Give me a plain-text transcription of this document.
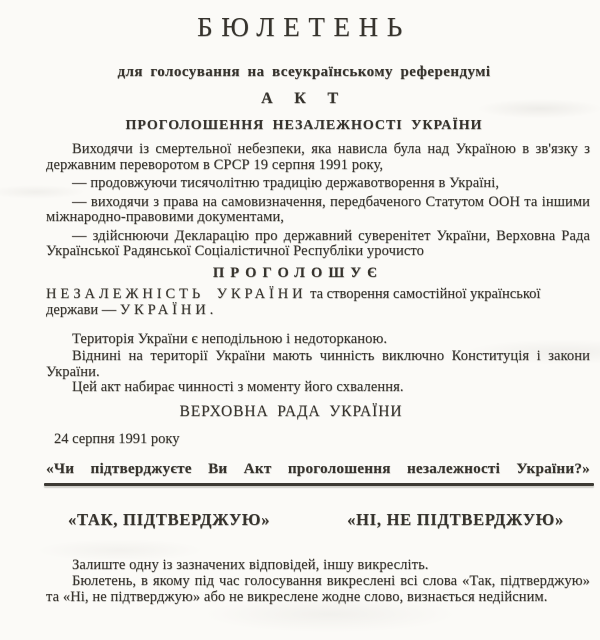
БЮЛЕТЕНЬ
для голосування на всеукраїнському референдумі
А К Т
ПРОГОЛОШЕННЯ НЕЗАЛЕЖНОСТІ УКРАЇНИ

Виходячи із смертельної небезпеки, яка нависла була над Україною в зв'язку з державним переворотом в СРСР 19 серпня 1991 року,

— продовжуючи тисячолітню традицію державотворення в Україні,

— виходячи з права на самовизначення, передбаченого Статутом ООН та іншими міжнародно-правовими документами,

— здійснюючи Декларацію про державний суверенітет України, Верховна Рада Української Радянської Соціалістичної Республіки урочисто

ПРОГОЛОШУЄ

НЕЗАЛЕЖНІСТЬ УКРАЇНИ та створення самостійної української
держави — УКРАЇНИ.

Територія України є неподільною і недоторканою.

Віднині на території України мають чинність виключно Конституція і закони України.

Цей акт набирає чинності з моменту його схвалення.

ВЕРХОВНА РАДА УКРАЇНИ
24 серпня 1991 року
«Чи підтверджуєте Ви Акт проголошення незалежності України?»
«ТАК, ПІДТВЕРДЖУЮ»	«НІ, НЕ ПІДТВЕРДЖУЮ»

Залиште одну із зазначених відповідей, іншу викресліть.

Бюлетень, в якому під час голосування викреслені всі слова «Так, підтверджую» та «Ні, не підтверджую» або не викреслене жодне слово, визнається недійсним.
